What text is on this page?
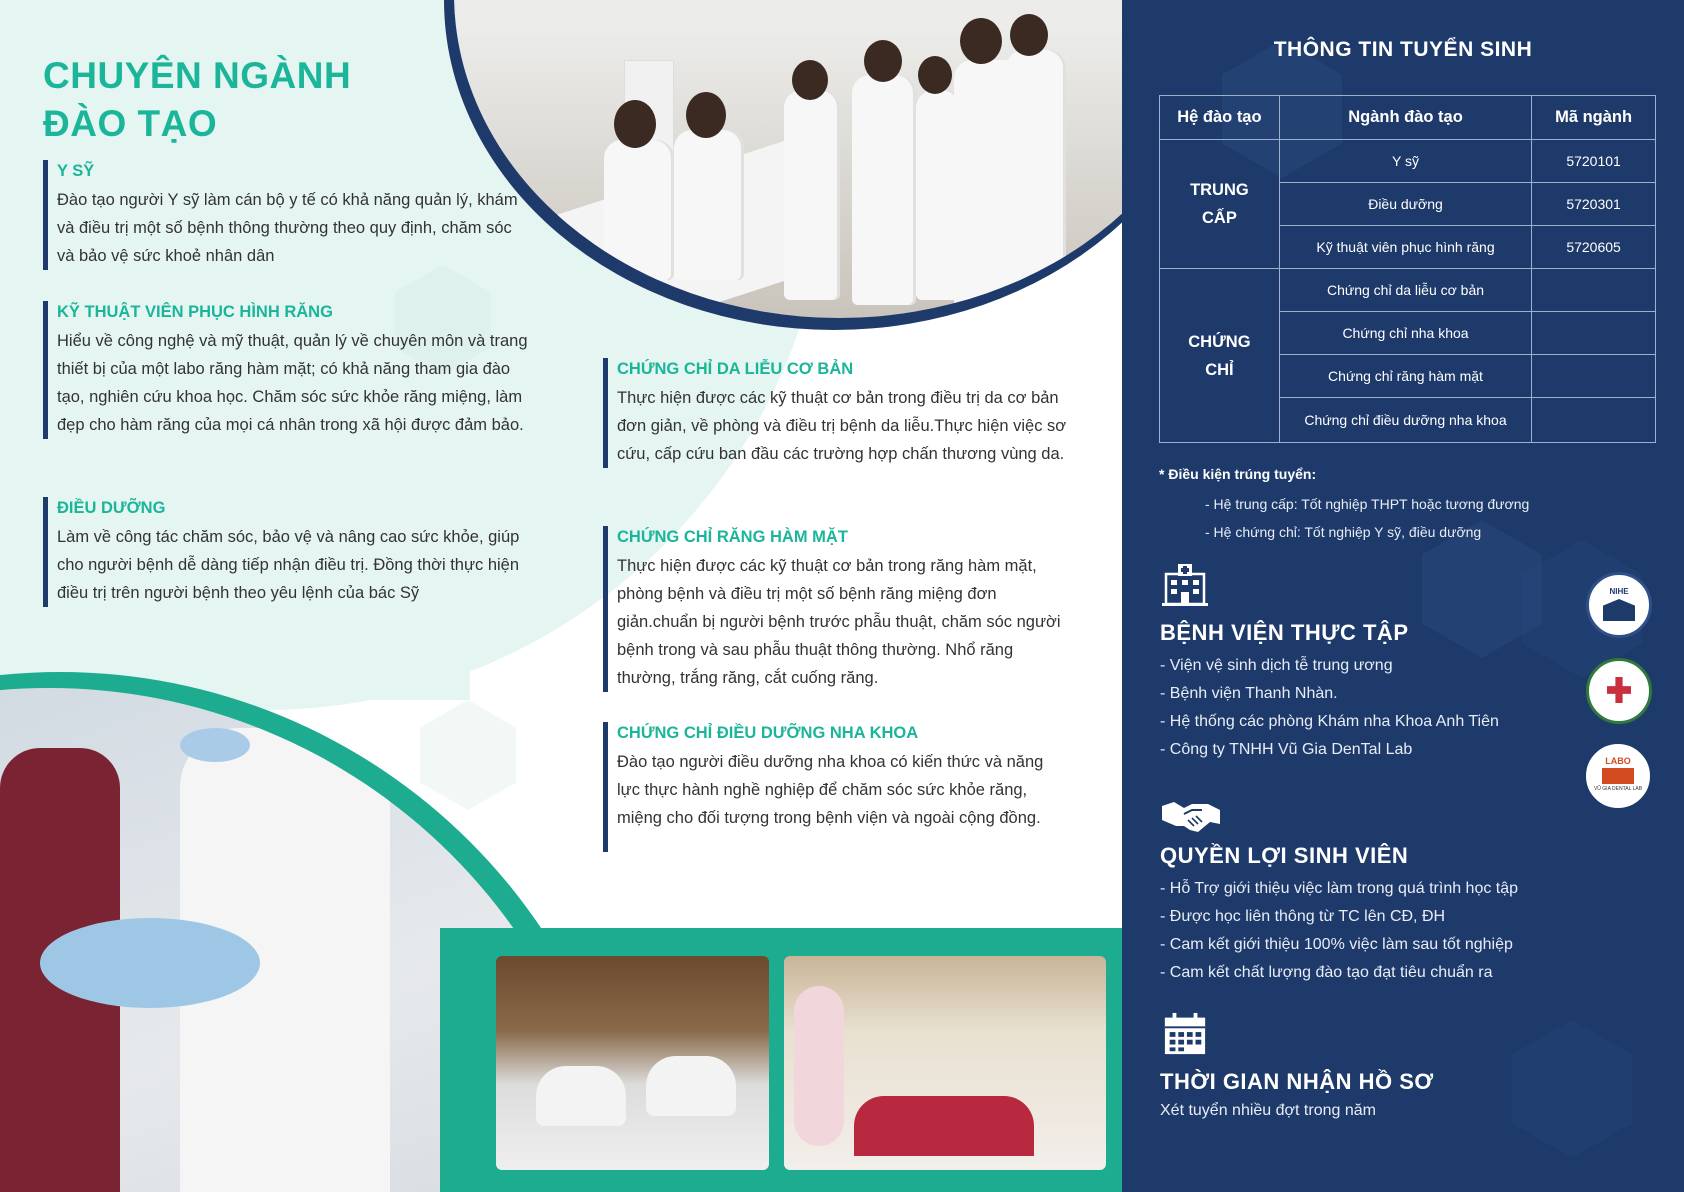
CHUYÊN NGÀNH
ĐÀO TẠO
Y SỸ

Đào tạo người Y sỹ làm cán bộ y tế có khả năng quản lý, khám và điều trị một số bệnh thông thường theo quy định, chăm sóc và bảo vệ sức khoẻ nhân dân

KỸ THUẬT VIÊN PHỤC HÌNH RĂNG

Hiểu về công nghệ và mỹ thuật, quản lý về chuyên môn và trang thiết bị của một labo răng hàm mặt; có khả năng tham gia đào tạo, nghiên cứu khoa học. Chăm sóc sức khỏe răng miệng, làm đẹp cho hàm răng của mọi cá nhân trong xã hội được đảm bảo.

ĐIỀU DƯỠNG

Làm về công tác chăm sóc, bảo vệ và nâng cao sức khỏe, giúp cho người bệnh dễ dàng tiếp nhận điều trị. Đồng thời thực hiện điều trị trên người bệnh theo yêu lệnh của bác Sỹ

CHỨNG CHỈ DA LIỄU CƠ BẢN

Thực hiện được các kỹ thuật cơ bản trong điều trị da cơ bản đơn giản, về phòng và điều trị bệnh da liễu.Thực hiện việc sơ cứu, cấp cứu ban đầu các trường hợp chấn thương vùng da.

CHỨNG CHỈ RĂNG HÀM MẶT

Thực hiện được các kỹ thuật cơ bản trong răng hàm mặt, phòng bệnh và điều trị một số bệnh răng miệng đơn giản.chuẩn bị người bệnh trước phẫu thuật, chăm sóc người bệnh trong và sau phẫu thuật thông thường. Nhổ răng thường, trắng răng, cắt cuống răng.

CHỨNG CHỈ ĐIỀU DƯỠNG NHA KHOA

Đào tạo người điều dưỡng nha khoa có kiến thức và năng lực thực hành nghề nghiệp để chăm sóc sức khỏe răng, miệng cho đối tượng trong bệnh viện và ngoài cộng đồng.

THÔNG TIN TUYỂN SINH
Hệ đào tạo	Ngành đào tạo	Mã ngành
TRUNG
CẤP	Y sỹ	5720101
	Điều dưỡng	5720301
	Kỹ thuật viên phục hình răng	5720605
CHỨNG
CHỈ	Chứng chỉ da liễu cơ bản	
	Chứng chỉ nha khoa	
	Chứng chỉ răng hàm mặt	
	Chứng chỉ điều dưỡng nha khoa	
* Điều kiện trúng tuyển:
- Hệ trung cấp: Tốt nghiệp THPT hoặc tương đương
- Hệ chứng chỉ: Tốt nghiệp Y sỹ, điều dưỡng
BỆNH VIỆN THỰC TẬP
- Viện vệ sinh dịch tễ trung ương
- Bệnh viện Thanh Nhàn.
- Hệ thống các phòng Khám nha Khoa Anh Tiên
- Công ty TNHH Vũ Gia DenTal Lab
NIHE
LABO
VŨ GIA DENTAL LAB
QUYỀN LỢI SINH VIÊN
- Hỗ Trợ giới thiệu việc làm trong quá trình học tập
- Được học liên thông từ TC lên CĐ, ĐH
- Cam kết giới thiệu 100% việc làm sau tốt nghiệp
- Cam kết chất lượng đào tạo đạt tiêu chuẩn ra
THỜI GIAN NHẬN HỒ SƠ
Xét tuyển nhiều đợt trong năm
